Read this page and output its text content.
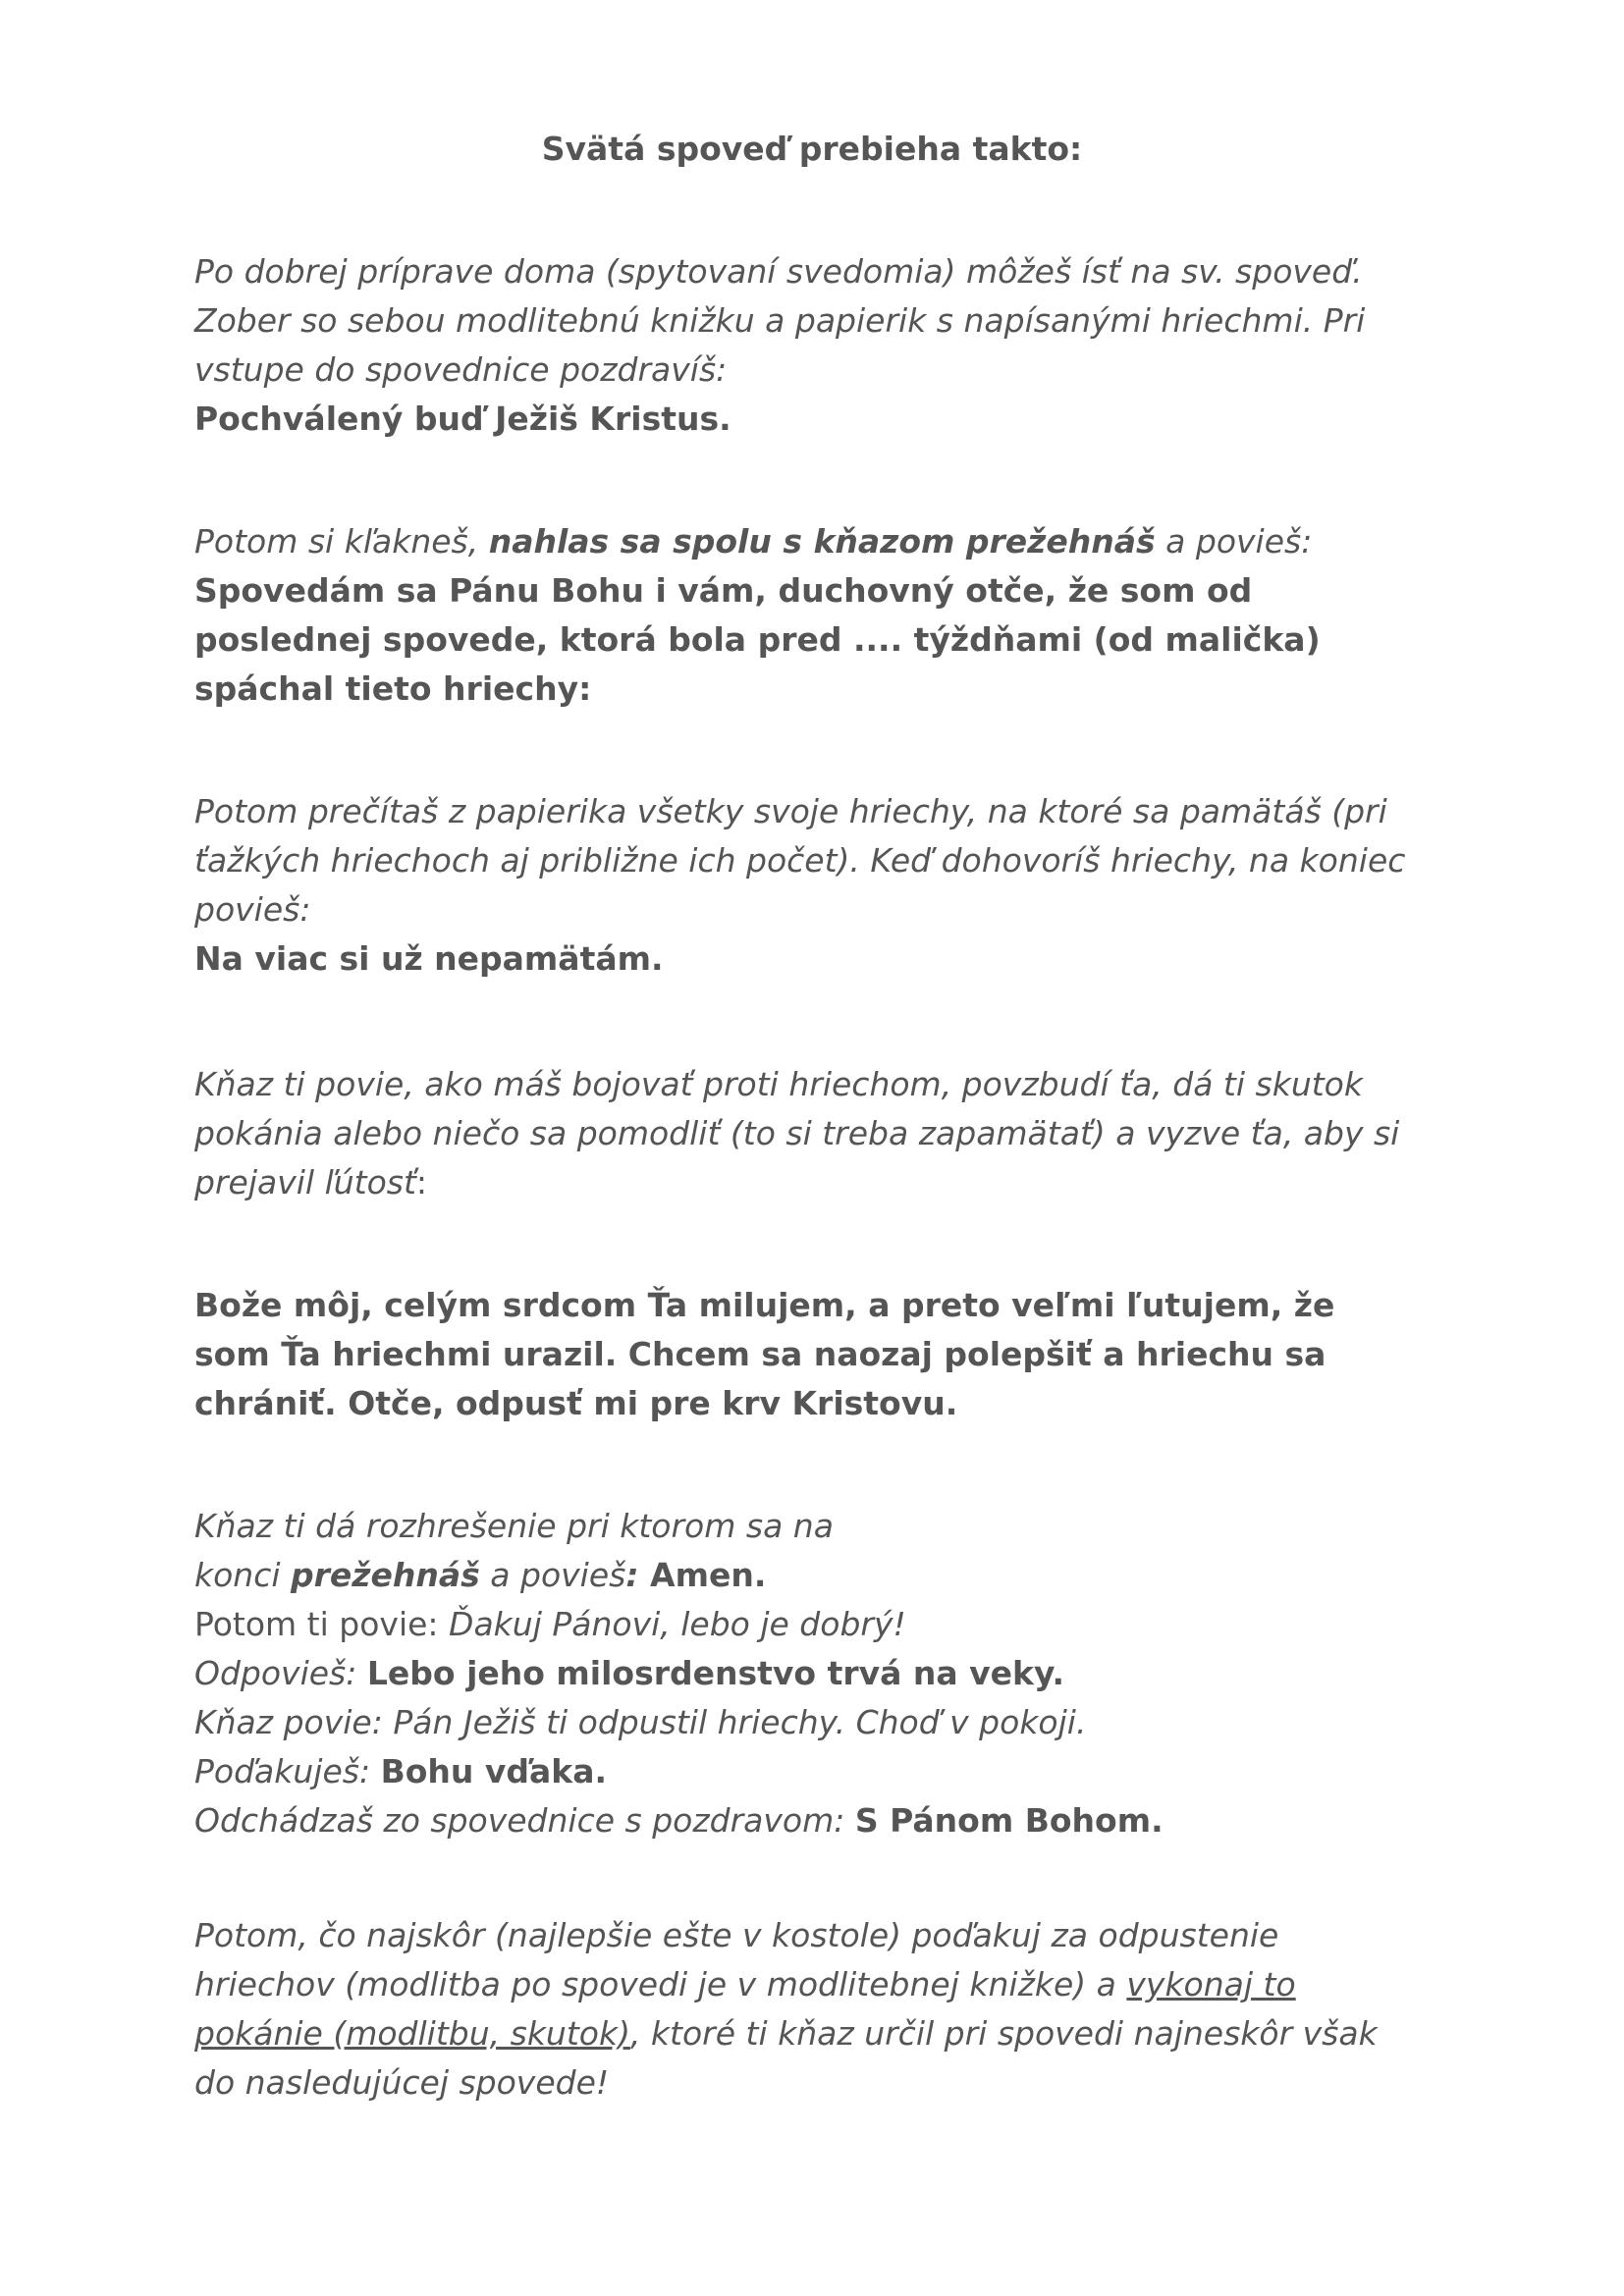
Svätá spoveď prebieha takto:
Po dobrej príprave doma (spytovaní svedomia) môžeš ísť na sv. spoveď.
Zober so sebou modlitebnú knižku a papierik s napísanými hriechmi. Pri
vstupe do spovednice pozdravíš:
Pochválený buď Ježiš Kristus.
Potom si kľakneš, nahlas sa spolu s kňazom prežehnáš a povieš:
Spovedám sa Pánu Bohu i vám, duchovný otče, že som od
poslednej spovede, ktorá bola pred .... týždňami (od malička)
spáchal tieto hriechy:
Potom prečítaš z papierika všetky svoje hriechy, na ktoré sa pamätáš (pri
ťažkých hriechoch aj približne ich počet). Keď dohovoríš hriechy, na koniec
povieš:
Na viac si už nepamätám.
Kňaz ti povie, ako máš bojovať proti hriechom, povzbudí ťa, dá ti skutok
pokánia alebo niečo sa pomodliť (to si treba zapamätať) a vyzve ťa, aby si
prejavil ľútosť:
Bože môj, celým srdcom Ťa milujem, a preto veľmi ľutujem, že
som Ťa hriechmi urazil. Chcem sa naozaj polepšiť a hriechu sa
chrániť. Otče, odpusť mi pre krv Kristovu.
Kňaz ti dá rozhrešenie pri ktorom sa na
konci prežehnáš a povieš: Amen.
Potom ti povie: Ďakuj Pánovi, lebo je dobrý!
Odpovieš: Lebo jeho milosrdenstvo trvá na veky.
Kňaz povie: Pán Ježiš ti odpustil hriechy. Choď v pokoji.
Poďakuješ: Bohu vďaka.
Odchádzaš zo spovednice s pozdravom: S Pánom Bohom.
Potom, čo najskôr (najlepšie ešte v kostole) poďakuj za odpustenie
hriechov (modlitba po spovedi je v modlitebnej knižke) a vykonaj to
pokánie (modlitbu, skutok), ktoré ti kňaz určil pri spovedi najneskôr však
do nasledujúcej spovede!
